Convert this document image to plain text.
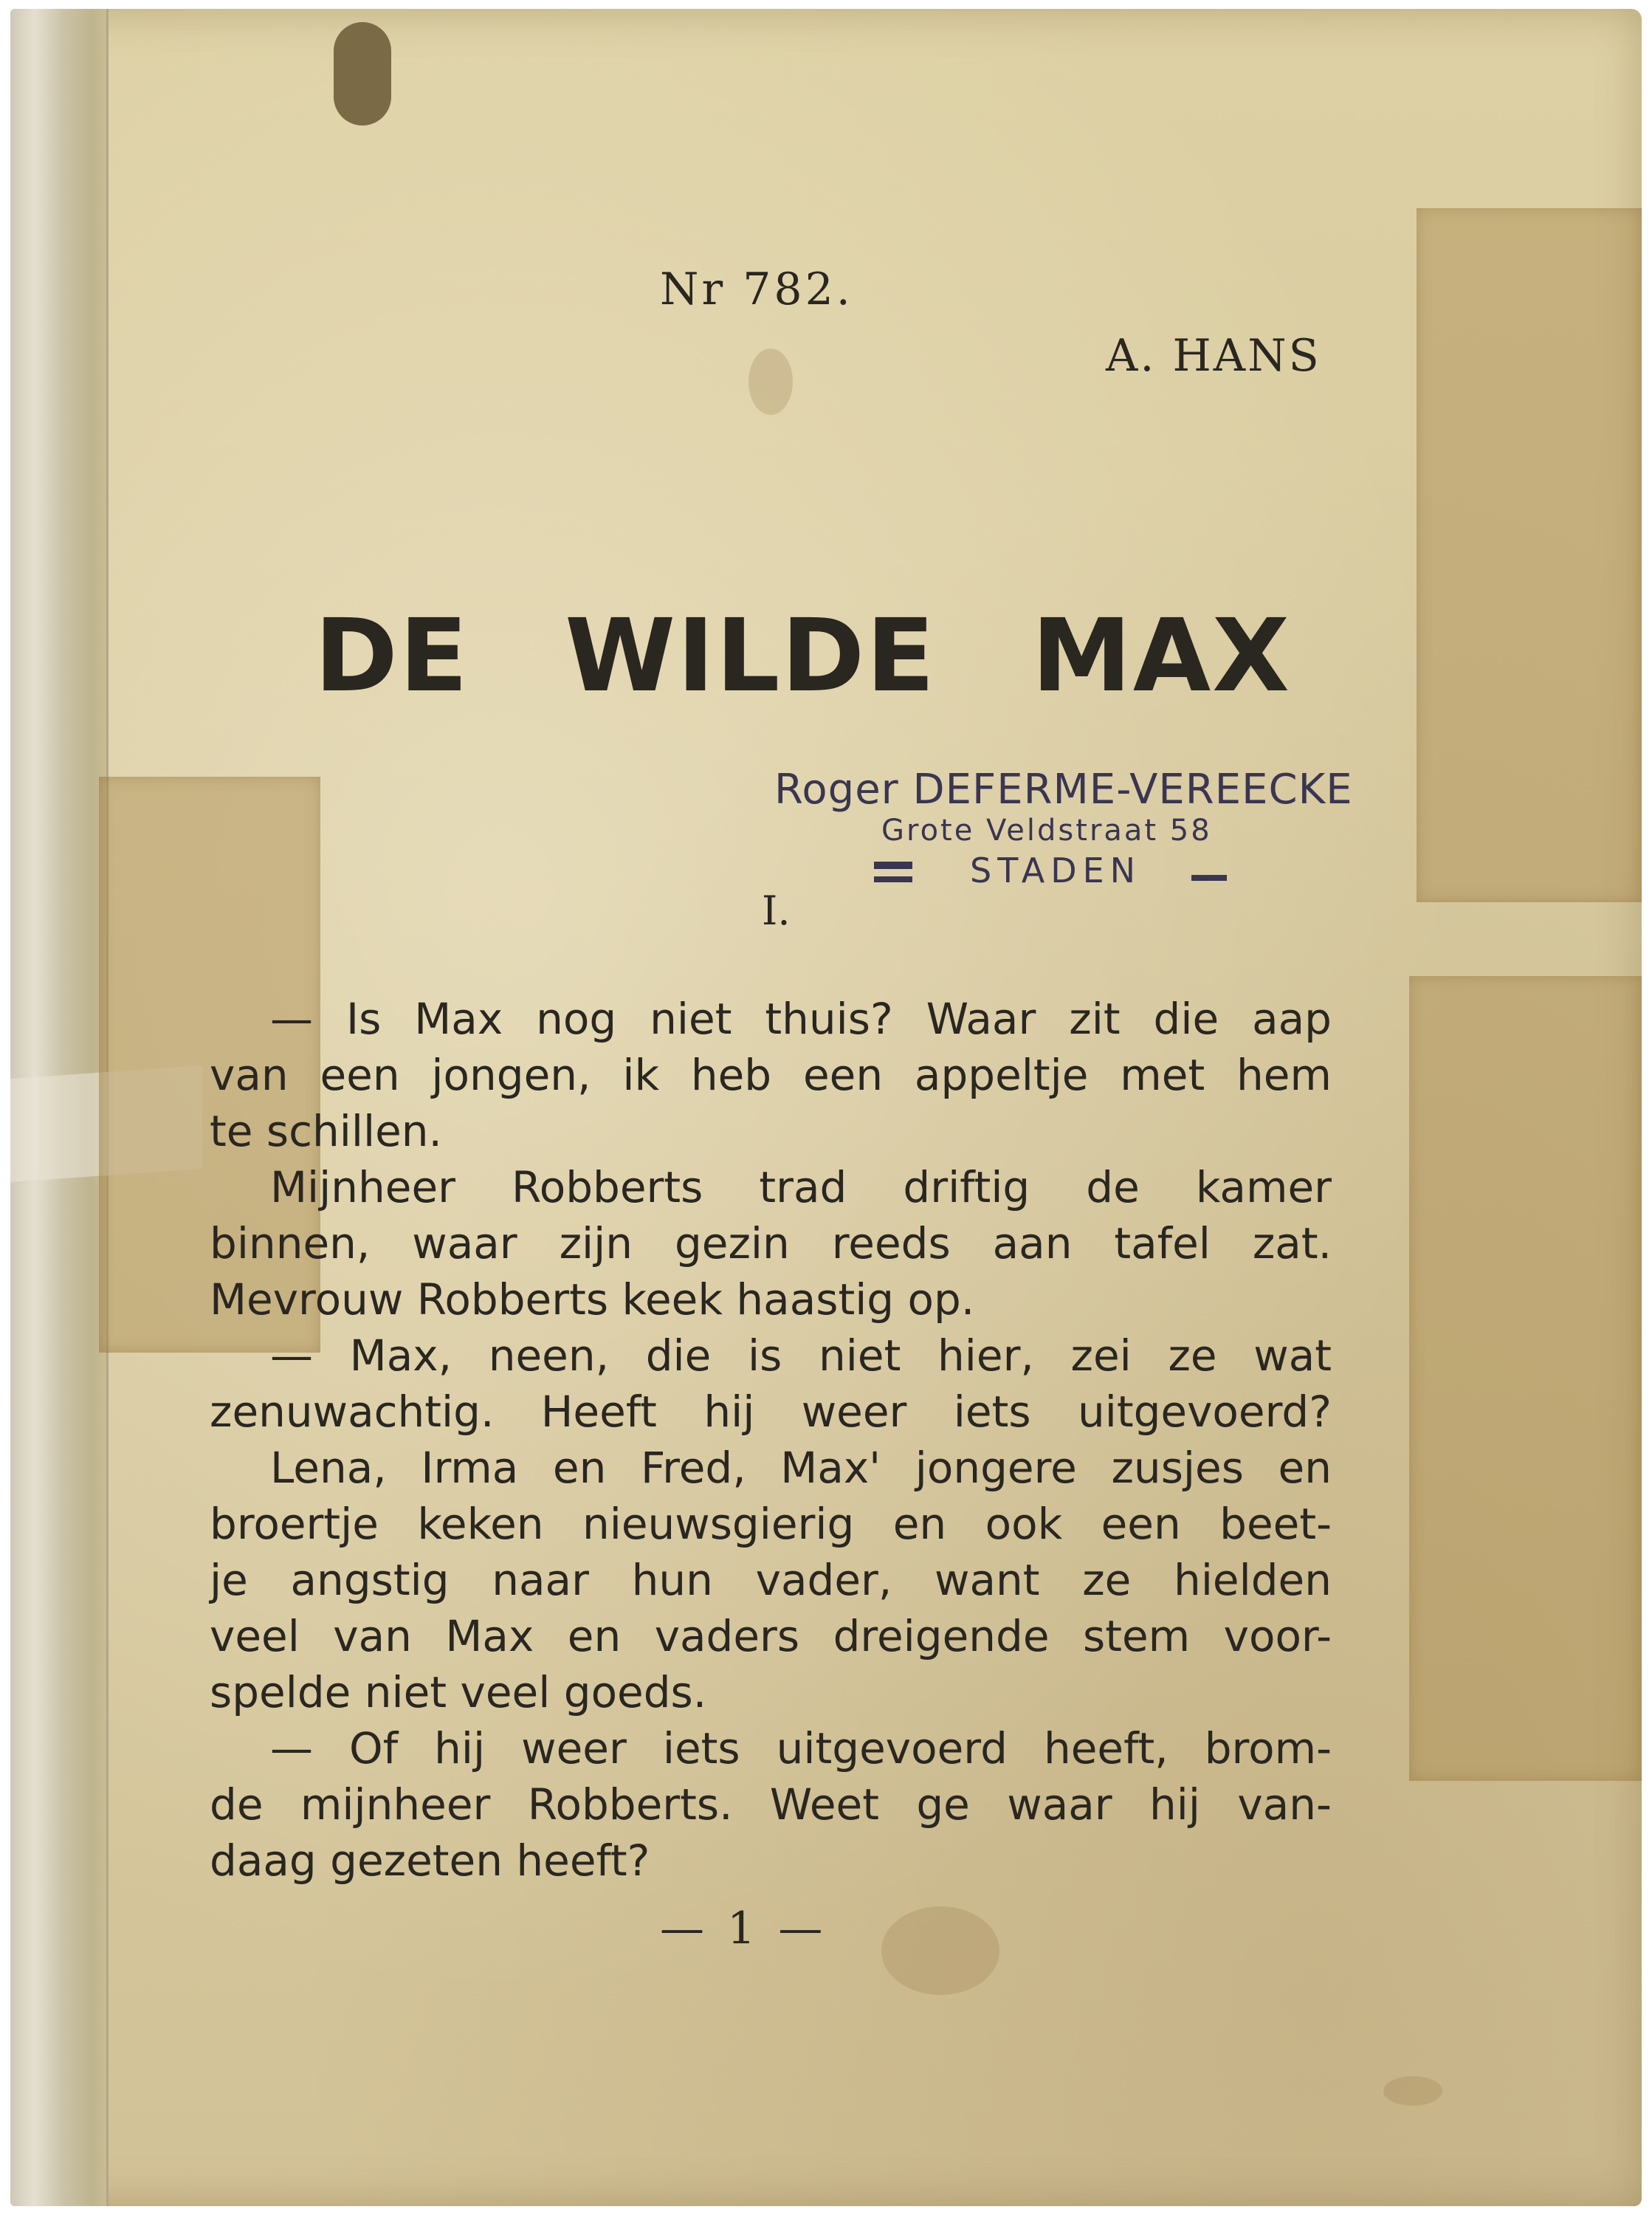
Nr 782.
A. HANS
DE WILDE MAX
Roger DEFERME-VEREECKE
Grote Veldstraat 58
STADEN
I.
— Is Max nog niet thuis? Waar zit die aap
van een jongen, ik heb een appeltje met hem
te schillen.
Mijnheer Robberts trad driftig de kamer
binnen, waar zijn gezin reeds aan tafel zat.
Mevrouw Robberts keek haastig op.
— Max, neen, die is niet hier, zei ze wat
zenuwachtig. Heeft hij weer iets uitgevoerd?
Lena, Irma en Fred, Max' jongere zusjes en
broertje keken nieuwsgierig en ook een beet-
je angstig naar hun vader, want ze hielden
veel van Max en vaders dreigende stem voor-
spelde niet veel goeds.
— Of hij weer iets uitgevoerd heeft, brom-
de mijnheer Robberts. Weet ge waar hij van-
daag gezeten heeft?
— 1 —
